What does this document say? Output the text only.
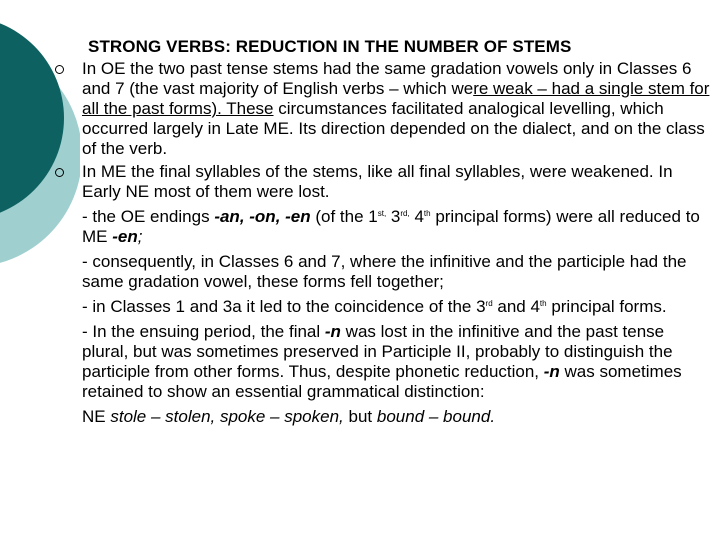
STRONG VERBS: REDUCTION IN THE NUMBER OF STEMS
In OE the two past tense stems had the same gradation vowels only in Classes 6 and 7 (the vast majority of English verbs – which were weak – had a single stem for all the past forms). These circumstances facilitated analogical levelling, which occurred largely in Late ME. Its direction depended on the dialect, and on the class of the verb.
In ME the final syllables of the stems, like all final syllables, were weakened. In Early NE most of them were lost.
- the OE endings -an, -on, -en (of the $1^{st,}$ $3^{rd,}$ 4th principal forms) were all reduced to ME -en;
- consequently, in Classes 6 and 7, where the infinitive and the participle had the same gradation vowel, these forms fell together;
- in Classes 1 and 3a it led to the coincidence of the 3rd and 4th principal forms.
- In the ensuing period, the final -n was lost in the infinitive and the past tense plural, but was sometimes preserved in Participle II, probably to distinguish the participle from other forms. Thus, despite phonetic reduction, -n was sometimes retained to show an essential grammatical distinction:
NE stole – stolen, spoke – spoken, but bound – bound.
